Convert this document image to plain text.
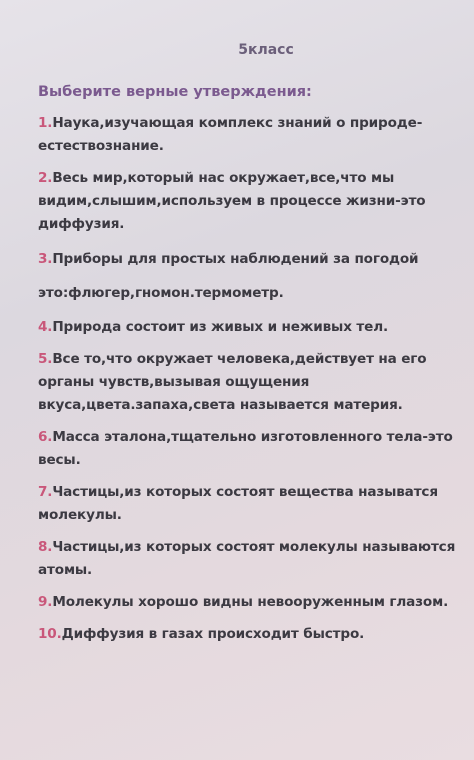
5класс
Выберите верные утверждения:
1.Наука,изучающая комплекс знаний о природе-
естествознание.
2.Весь мир,который нас окружает,все,что мы
видим,слышим,используем в процессе жизни-это
диффузия.
3.Приборы для простых наблюдений за погодой
это:флюгер,гномон.термометр.
4.Природа состоит из живых и неживых тел.
5.Все то,что окружает человека,действует на его
органы чувств,вызывая ощущения
вкуса,цвета.запаха,света называется материя.
6.Масса эталона,тщательно изготовленного тела-это
весы.
7.Частицы,из которых состоят вещества называтся
молекулы.
8.Частицы,из которых состоят молекулы называются
атомы.
9.Молекулы хорошо видны невооруженным глазом.
10.Диффузия в газах происходит быстро.
